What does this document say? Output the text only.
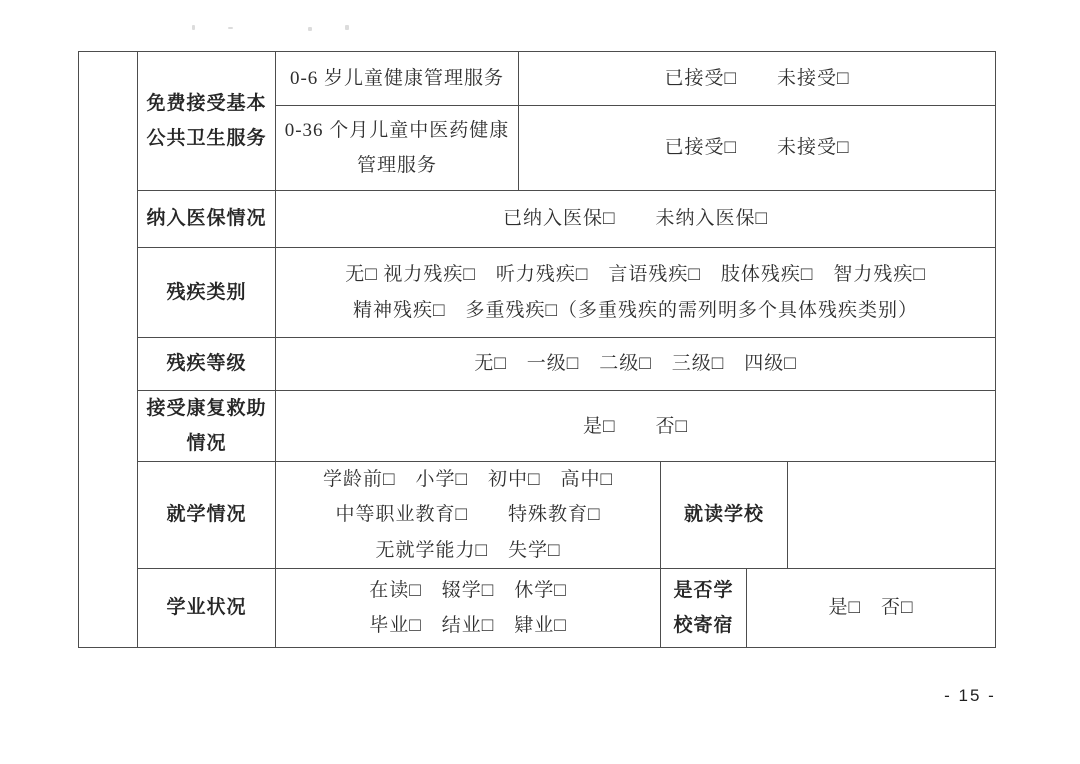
	免费接受基本
公共卫生服务	0-6 岁儿童健康管理服务	已接受□　　未接受□			

		0-36 个月儿童中医药健康
管理服务	已接受□　　未接受□			
	纳入医保情况	已纳入医保□　　未纳入医保□				
	残疾类别	无□ 视力残疾□　听力残疾□　言语残疾□　肢体残疾□　智力残疾□
精神残疾□　多重残疾□（多重残疾的需列明多个具体残疾类别）				

	残疾等级	无□　一级□　二级□　三级□　四级□				

	接受康复救助
情况	是□　　否□				
	就学情况	学龄前□　小学□　初中□　高中□
中等职业教育□　　特殊教育□
无就学能力□　失学□		就读学校		
	学业状况	在读□　辍学□　休学□
毕业□　结业□　肄业□		是否学
校寄宿	是□　否□	
- 15 -
